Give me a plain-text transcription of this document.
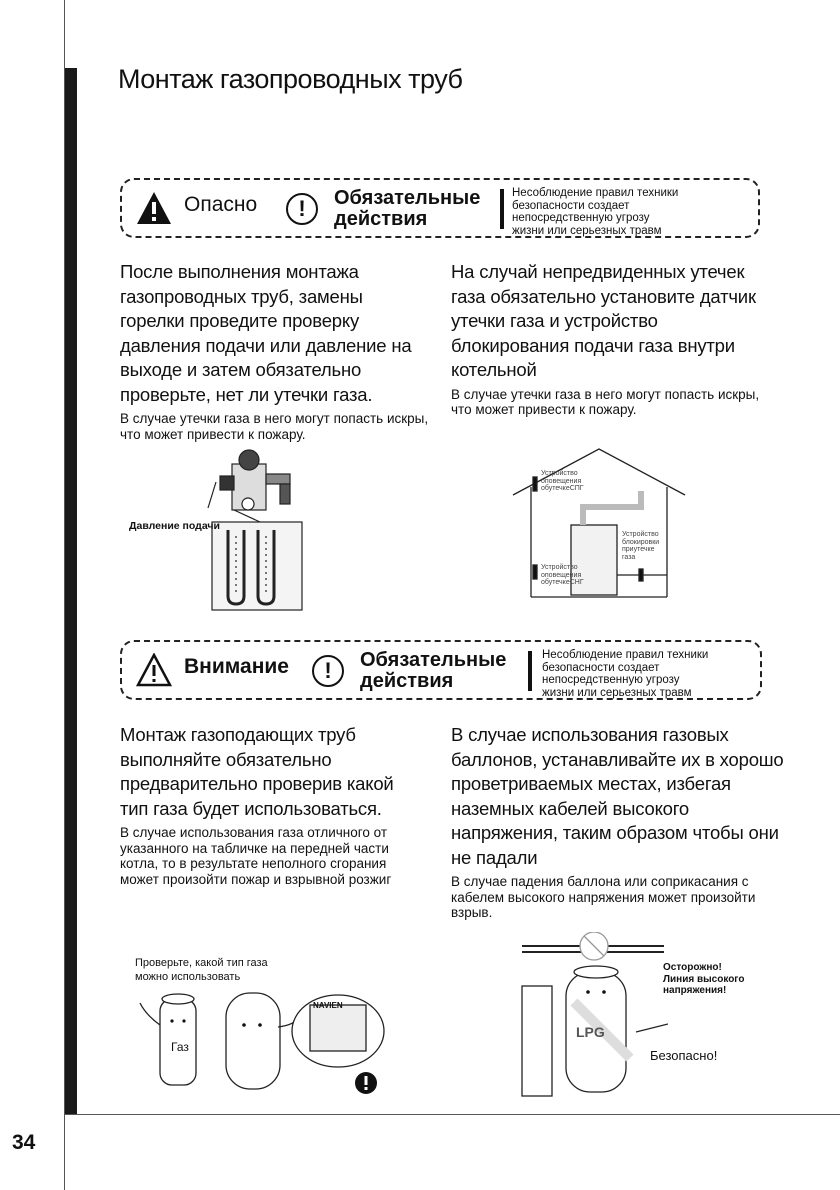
34
Монтаж газопроводных труб
Опасно	!	Обязательные
действия
Несоблюдение правил техники
безопасности создает
непосредственную угрозу
жизни или серьезных травм
После выполнения монтажа газопроводных труб, замены горелки проведите проверку давления подачи или давление на выходе и затем обязательно проверьте, нет ли утечки газа.
В случае утечки газа в него могут попасть искры, что может привести к пожару.
Давление подачи
На случай непредвиденных утечек газа обязательно установите датчик утечки газа и устройство блокирования подачи газа внутри котельной
В случае утечки газа в него могут попасть искры, что может привести к пожару.
Устройство
оповещения
обутечкеСПГ
Устройство
оповещения
обутечкеСНГ
Устройство
блокировки
приутечке
газа
Внимание	!	Обязательные
действия
Несоблюдение правил техники
безопасности создает
непосредственную угрозу
жизни или серьезных травм
Монтаж газоподающих труб выполняйте обязательно предварительно проверив какой тип газа будет использоваться.
В случае использования газа отличного от указанного на табличке на передней части котла, то в результате неполного сгорания может произойти пожар и взрывной розжиг
Проверьте, какой тип газа
можно использовать
Газ
NAVIEN
В случае использования газовых баллонов, устанавливайте их в хорошо проветриваемых местах, избегая наземных кабелей высокого напряжения, таким образом чтобы они не падали
В случае падения баллона или соприкасания с кабелем высокого напряжения может произойти взрыв.
LPG
Осторожно!
Линия высокого
напряжения!
Безопасно!
